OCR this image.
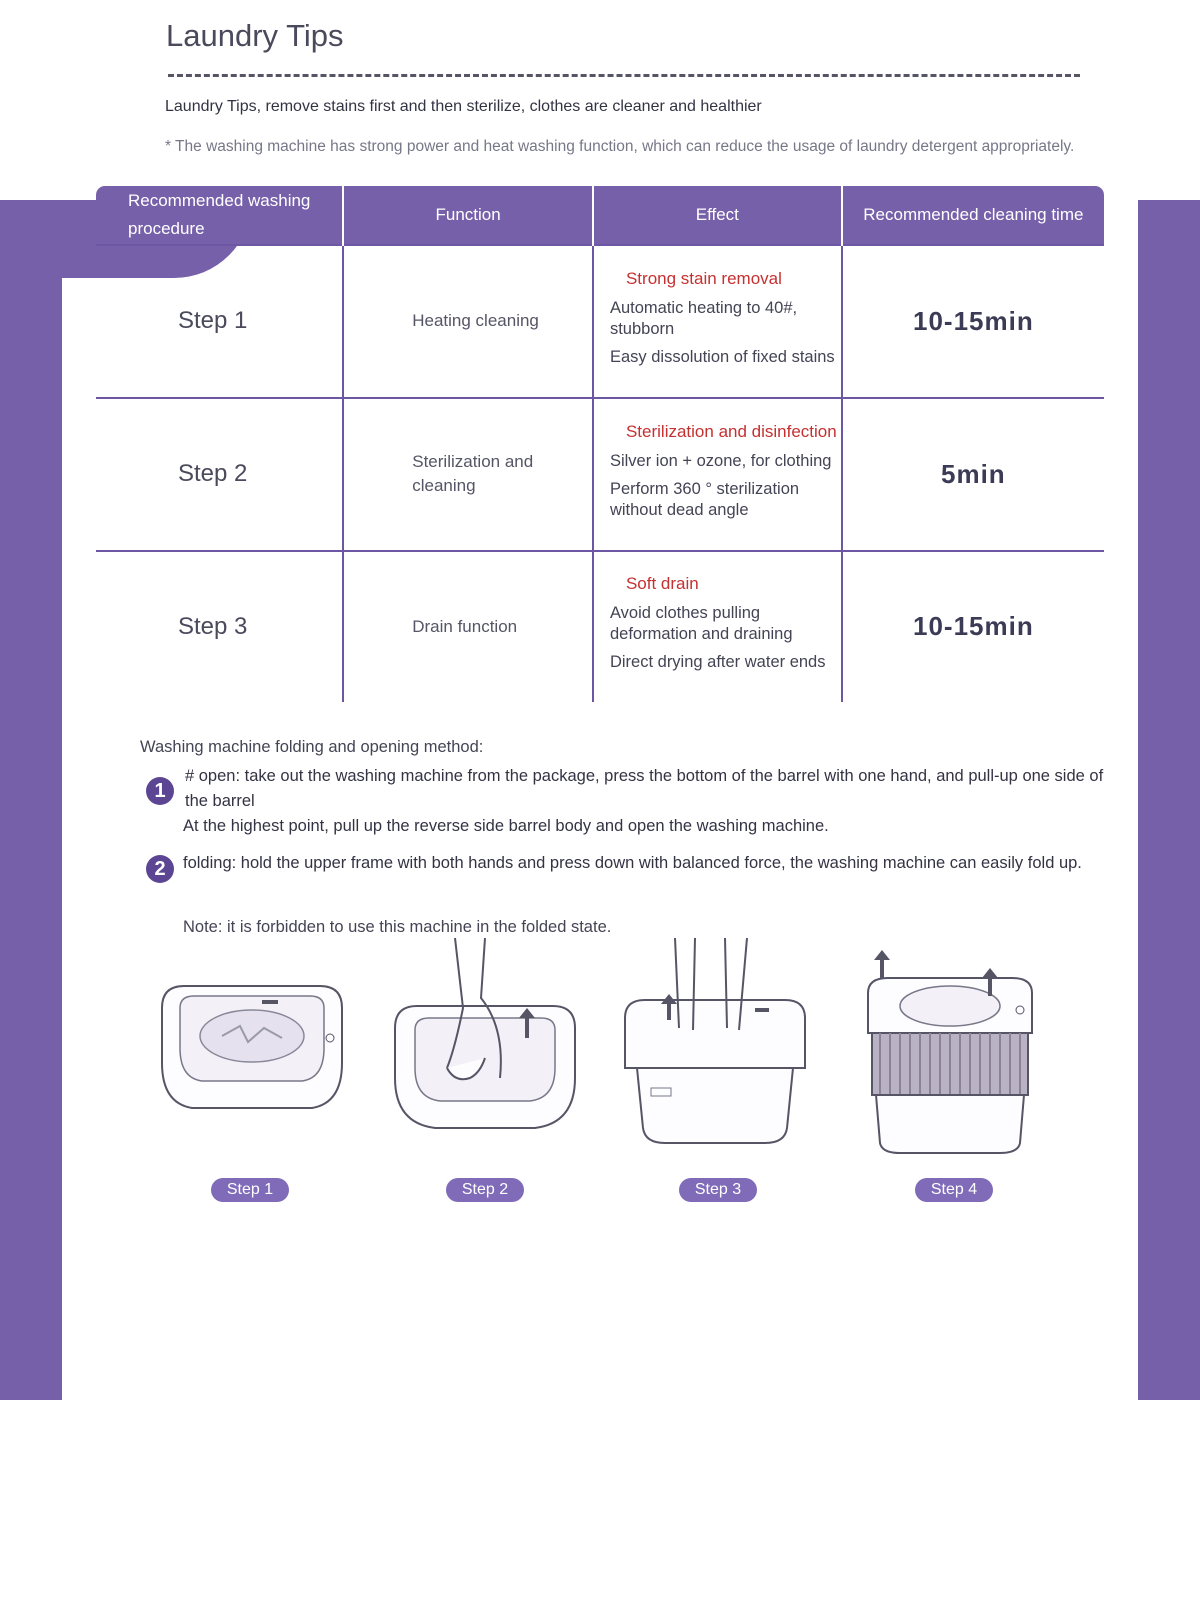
Laundry Tips
Laundry Tips, remove stains first and then sterilize, clothes are cleaner and healthier
* The washing machine has strong power and heat washing function, which can reduce the usage of laundry detergent appropriately.
Recommended washing procedure	Function	Effect	Recommended cleaning time
Step 1	Heating cleaning	Strong stain removal
Automatic heating to 40#, stubborn
Easy dissolution of fixed stains	10-15min
Step 2	Sterilization and cleaning	Sterilization and disinfection
Silver ion + ozone, for clothing
Perform 360 ° sterilization without dead angle	5min
Step 3	Drain function	Soft drain
Avoid clothes pulling deformation and draining
Direct drying after water ends	10-15min
Washing machine folding and opening method:
1
# open: take out the washing machine from the package, press the bottom of the barrel with one hand, and pull-up one side of the barrel
At the highest point, pull up the reverse side barrel body and open the washing machine.
2	folding: hold the upper frame with both hands and press down with balanced force, the washing machine can easily fold up.
Note: it is forbidden to use this machine in the folded state.
Step 1	Step 2	Step 3	Step 4
